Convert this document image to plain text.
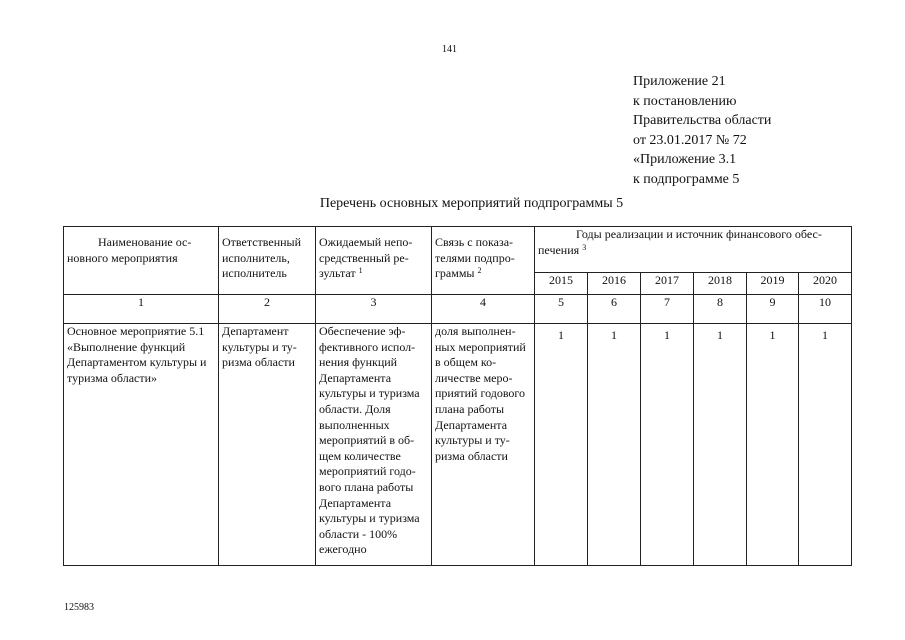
141
Приложение 21
к постановлению
Правительства области
от 23.01.2017 № 72
«Приложение 3.1
к подпрограмме 5
Перечень основных мероприятий подпрограммы 5
Наименование основного мероприятия	Ответственный исполнитель, исполнитель	Ожидаемый непосредственный результат $^1$	Связь с показателями подпрограммы $^2$	Годы реализации и источник финансового обеспечения $^3$

				2015	2016	2017	2018	2019	2020
1	2	3	4	5	6	7	8	9	10
Основное мероприятие 5.1 «Выполнение функций Департаментом культуры и туризма области»	Департамент культуры и туризма области	Обеспечение эффективного исполнения функций Департамента культуры и туризма области. Доля выполненных мероприятий в общем количестве мероприятий годового плана работы Департамента культуры и туризма области - 100% ежегодно	доля выполненных мероприятий в общем количестве мероприятий годового плана работы Департамента культуры и туризма области	1	1	1	1	1	1
125983
